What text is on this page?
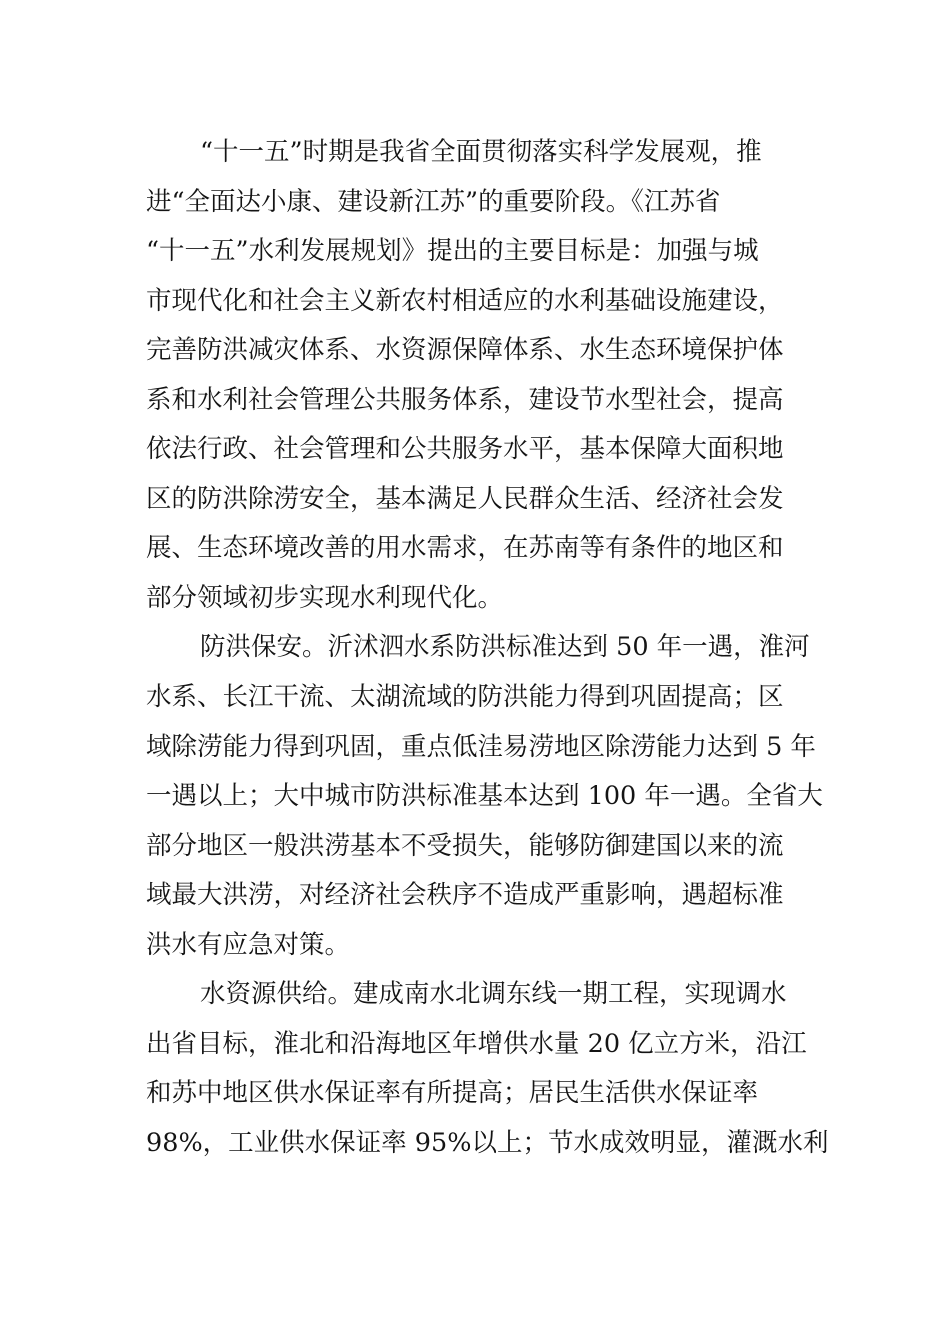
“十一五”时期是我省全面贯彻落实科学发展观，推
进“全面达小康、建设新江苏”的重要阶段。《江苏省
“十一五”水利发展规划》提出的主要目标是：加强与城
市现代化和社会主义新农村相适应的水利基础设施建设，
完善防洪减灾体系、水资源保障体系、水生态环境保护体
系和水利社会管理公共服务体系，建设节水型社会，提高
依法行政、社会管理和公共服务水平，基本保障大面积地
区的防洪除涝安全，基本满足人民群众生活、经济社会发
展、生态环境改善的用水需求，在苏南等有条件的地区和
部分领域初步实现水利现代化。
防洪保安。沂沭泗水系防洪标准达到 50 年一遇，淮河
水系、长江干流、太湖流域的防洪能力得到巩固提高；区
域除涝能力得到巩固，重点低洼易涝地区除涝能力达到 5 年
一遇以上；大中城市防洪标准基本达到 100 年一遇。全省大
部分地区一般洪涝基本不受损失，能够防御建国以来的流
域最大洪涝，对经济社会秩序不造成严重影响，遇超标准
洪水有应急对策。
水资源供给。建成南水北调东线一期工程，实现调水
出省目标，淮北和沿海地区年增供水量 20 亿立方米，沿江
和苏中地区供水保证率有所提高；居民生活供水保证率
98%，工业供水保证率 95%以上；节水成效明显，灌溉水利
